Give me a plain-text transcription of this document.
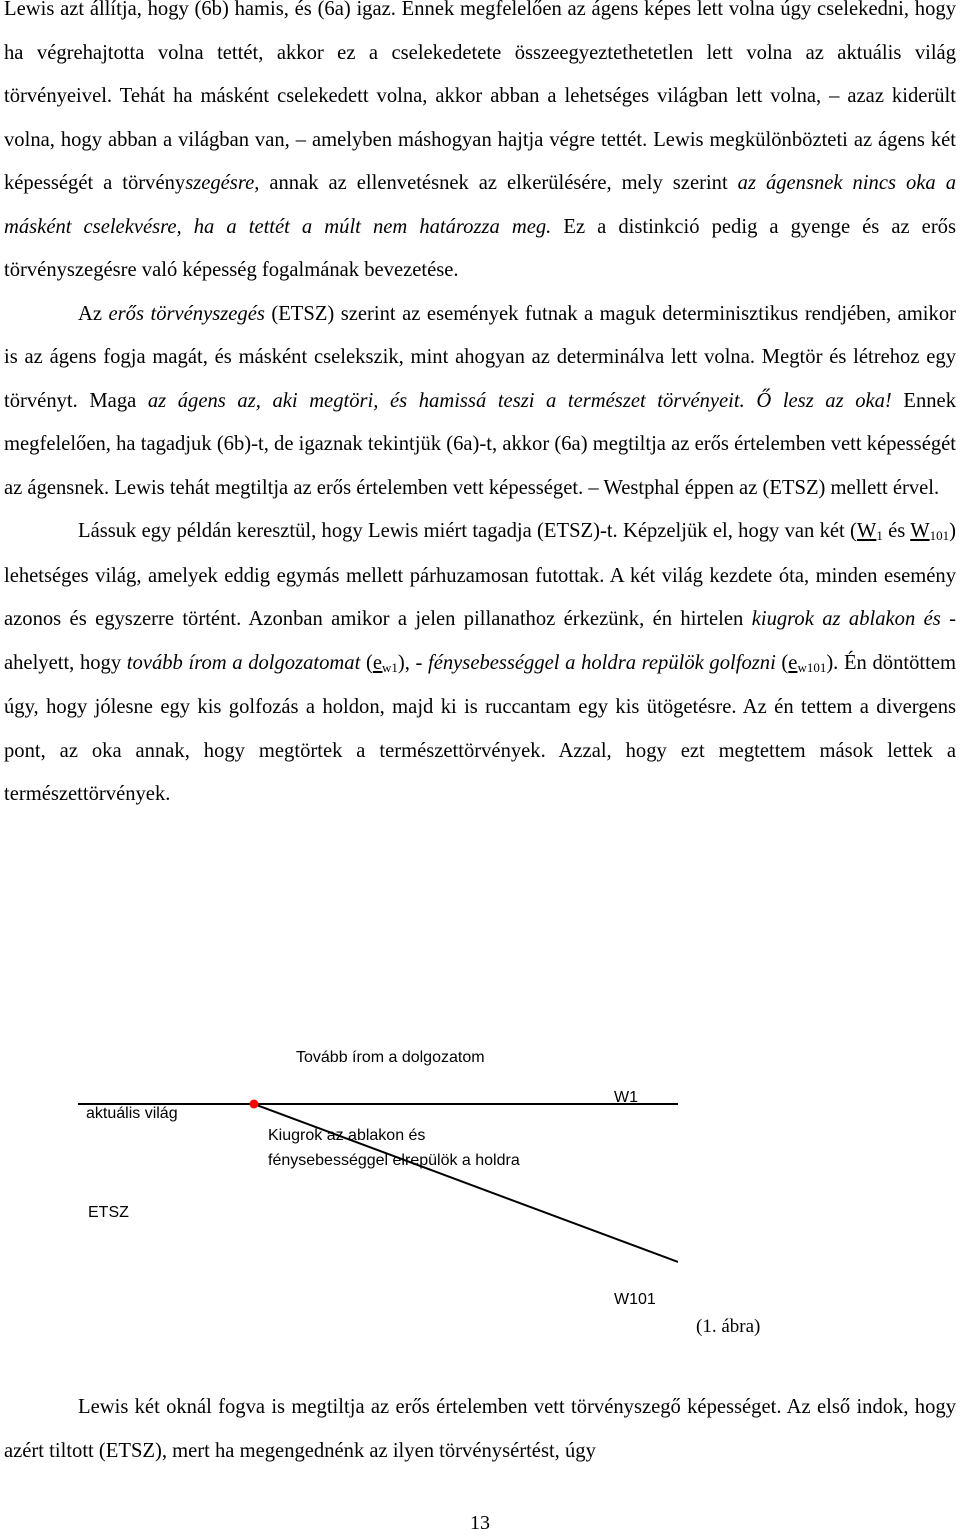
Lewis azt állítja, hogy (6b) hamis, és (6a) igaz. Ennek megfelelően az ágens képes lett volna úgy cselekedni, hogy ha végrehajtotta volna tettét, akkor ez a cselekedetete összeegyeztethetetlen lett volna az aktuális világ törvényeivel. Tehát ha másként cselekedett volna, akkor abban a lehetséges világban lett volna, – azaz kiderült volna, hogy abban a világban van, – amelyben máshogyan hajtja végre tettét. Lewis megkülönbözteti az ágens két képességét a törvényszegésre, annak az ellenvetésnek az elkerülésére, mely szerint az ágensnek nincs oka a másként cselekvésre, ha a tettét a múlt nem határozza meg. Ez a distinkció pedig a gyenge és az erős törvényszegésre való képesség fogalmának bevezetése.

Az erős törvényszegés (ETSZ) szerint az események futnak a maguk determinisztikus rendjében, amikor is az ágens fogja magát, és másként cselekszik, mint ahogyan az determinálva lett volna. Megtör és létrehoz egy törvényt. Maga az ágens az, aki megtöri, és hamissá teszi a természet törvényeit. Ő lesz az oka! Ennek megfelelően, ha tagadjuk (6b)-t, de igaznak tekintjük (6a)-t, akkor (6a) megtiltja az erős értelemben vett képességét az ágensnek. Lewis tehát megtiltja az erős értelemben vett képességet. – Westphal éppen az (ETSZ) mellett érvel.

Lássuk egy példán keresztül, hogy Lewis miért tagadja (ETSZ)-t. Képzeljük el, hogy van két (W1 és W101) lehetséges világ, amelyek eddig egymás mellett párhuzamosan futottak. A két világ kezdete óta, minden esemény azonos és egyszerre történt. Azonban amikor a jelen pillanathoz érkezünk, én hirtelen kiugrok az ablakon és - ahelyett, hogy tovább írom a dolgozatomat (ew1), - fénysebességgel a holdra repülök golfozni (ew101). Én döntöttem úgy, hogy jólesne egy kis golfozás a holdon, majd ki is ruccantam egy kis ütögetésre. Az én tettem a divergens pont, az oka annak, hogy megtörtek a természettörvények. Azzal, hogy ezt megtettem mások lettek a természettörvények.

Tovább írom a dolgozatom
aktuális világ
W1
Kiugrok az ablakon és
fénysebességgel elrepülök a holdra
ETSZ
W101
(1. ábra)

Lewis két oknál fogva is megtiltja az erős értelemben vett törvényszegő képességet. Az első indok, hogy azért tiltott (ETSZ), mert ha megengednénk az ilyen törvénysértést, úgy

13
